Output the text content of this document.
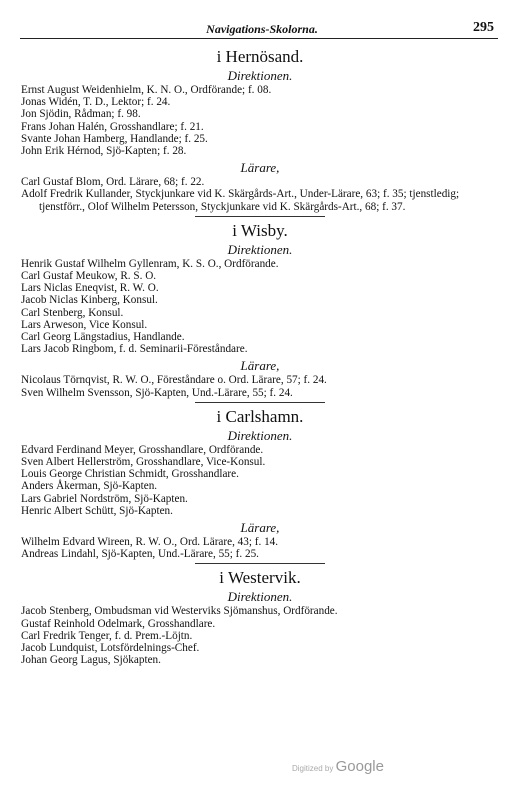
Navigations-Skolorna.	295
i Hernösand.
Direktionen.
Ernst August Weidenhielm, K. N. O., Ordförande; f. 08.
Jonas Widén, T. D., Lektor; f. 24.
Jon Sjödin, Rådman; f. 98.
Frans Johan Halén, Grosshandlare; f. 21.
Svante Johan Hamberg, Handlande; f. 25.
John Erik Hérnod, Sjö-Kapten; f. 28.
Lärare,
Carl Gustaf Blom, Ord. Lärare, 68; f. 22.
Adolf Fredrik Kullander, Styckjunkare vid K. Skärgårds-Art., Under-Lärare, 63; f. 35; tjenstledig; tjenstförr., Olof Wilhelm Petersson, Styckjunkare vid K. Skärgårds-Art., 68; f. 37.
i Wisby.
Direktionen.
Henrik Gustaf Wilhelm Gyllenram, K. S. O., Ordförande.
Carl Gustaf Meukow, R. S. O.
Lars Niclas Eneqvist, R. W. O.
Jacob Niclas Kinberg, Konsul.
Carl Stenberg, Konsul.
Lars Arweson, Vice Konsul.
Carl Georg Längstadius, Handlande.
Lars Jacob Ringbom, f. d. Seminarii-Föreståndare.
Lärare,
Nicolaus Törnqvist, R. W. O., Föreståndare o. Ord. Lärare, 57; f. 24.
Sven Wilhelm Svensson, Sjö-Kapten, Und.-Lärare, 55; f. 24.
i Carlshamn.
Direktionen.
Edvard Ferdinand Meyer, Grosshandlare, Ordförande.
Sven Albert Hellerström, Grosshandlare, Vice-Konsul.
Louis George Christian Schmidt, Grosshandlare.
Anders Åkerman, Sjö-Kapten.
Lars Gabriel Nordström, Sjö-Kapten.
Henric Albert Schütt, Sjö-Kapten.
Lärare,
Wilhelm Edvard Wireen, R. W. O., Ord. Lärare, 43; f. 14.
Andreas Lindahl, Sjö-Kapten, Und.-Lärare, 55; f. 25.
i Westervik.
Direktionen.
Jacob Stenberg, Ombudsman vid Westerviks Sjömanshus, Ordförande.
Gustaf Reinhold Odelmark, Grosshandlare.
Carl Fredrik Tenger, f. d. Prem.-Löjtn.
Jacob Lundquist, Lotsfördelnings-Chef.
Johan Georg Lagus, Sjökapten.
Digitized by Google
